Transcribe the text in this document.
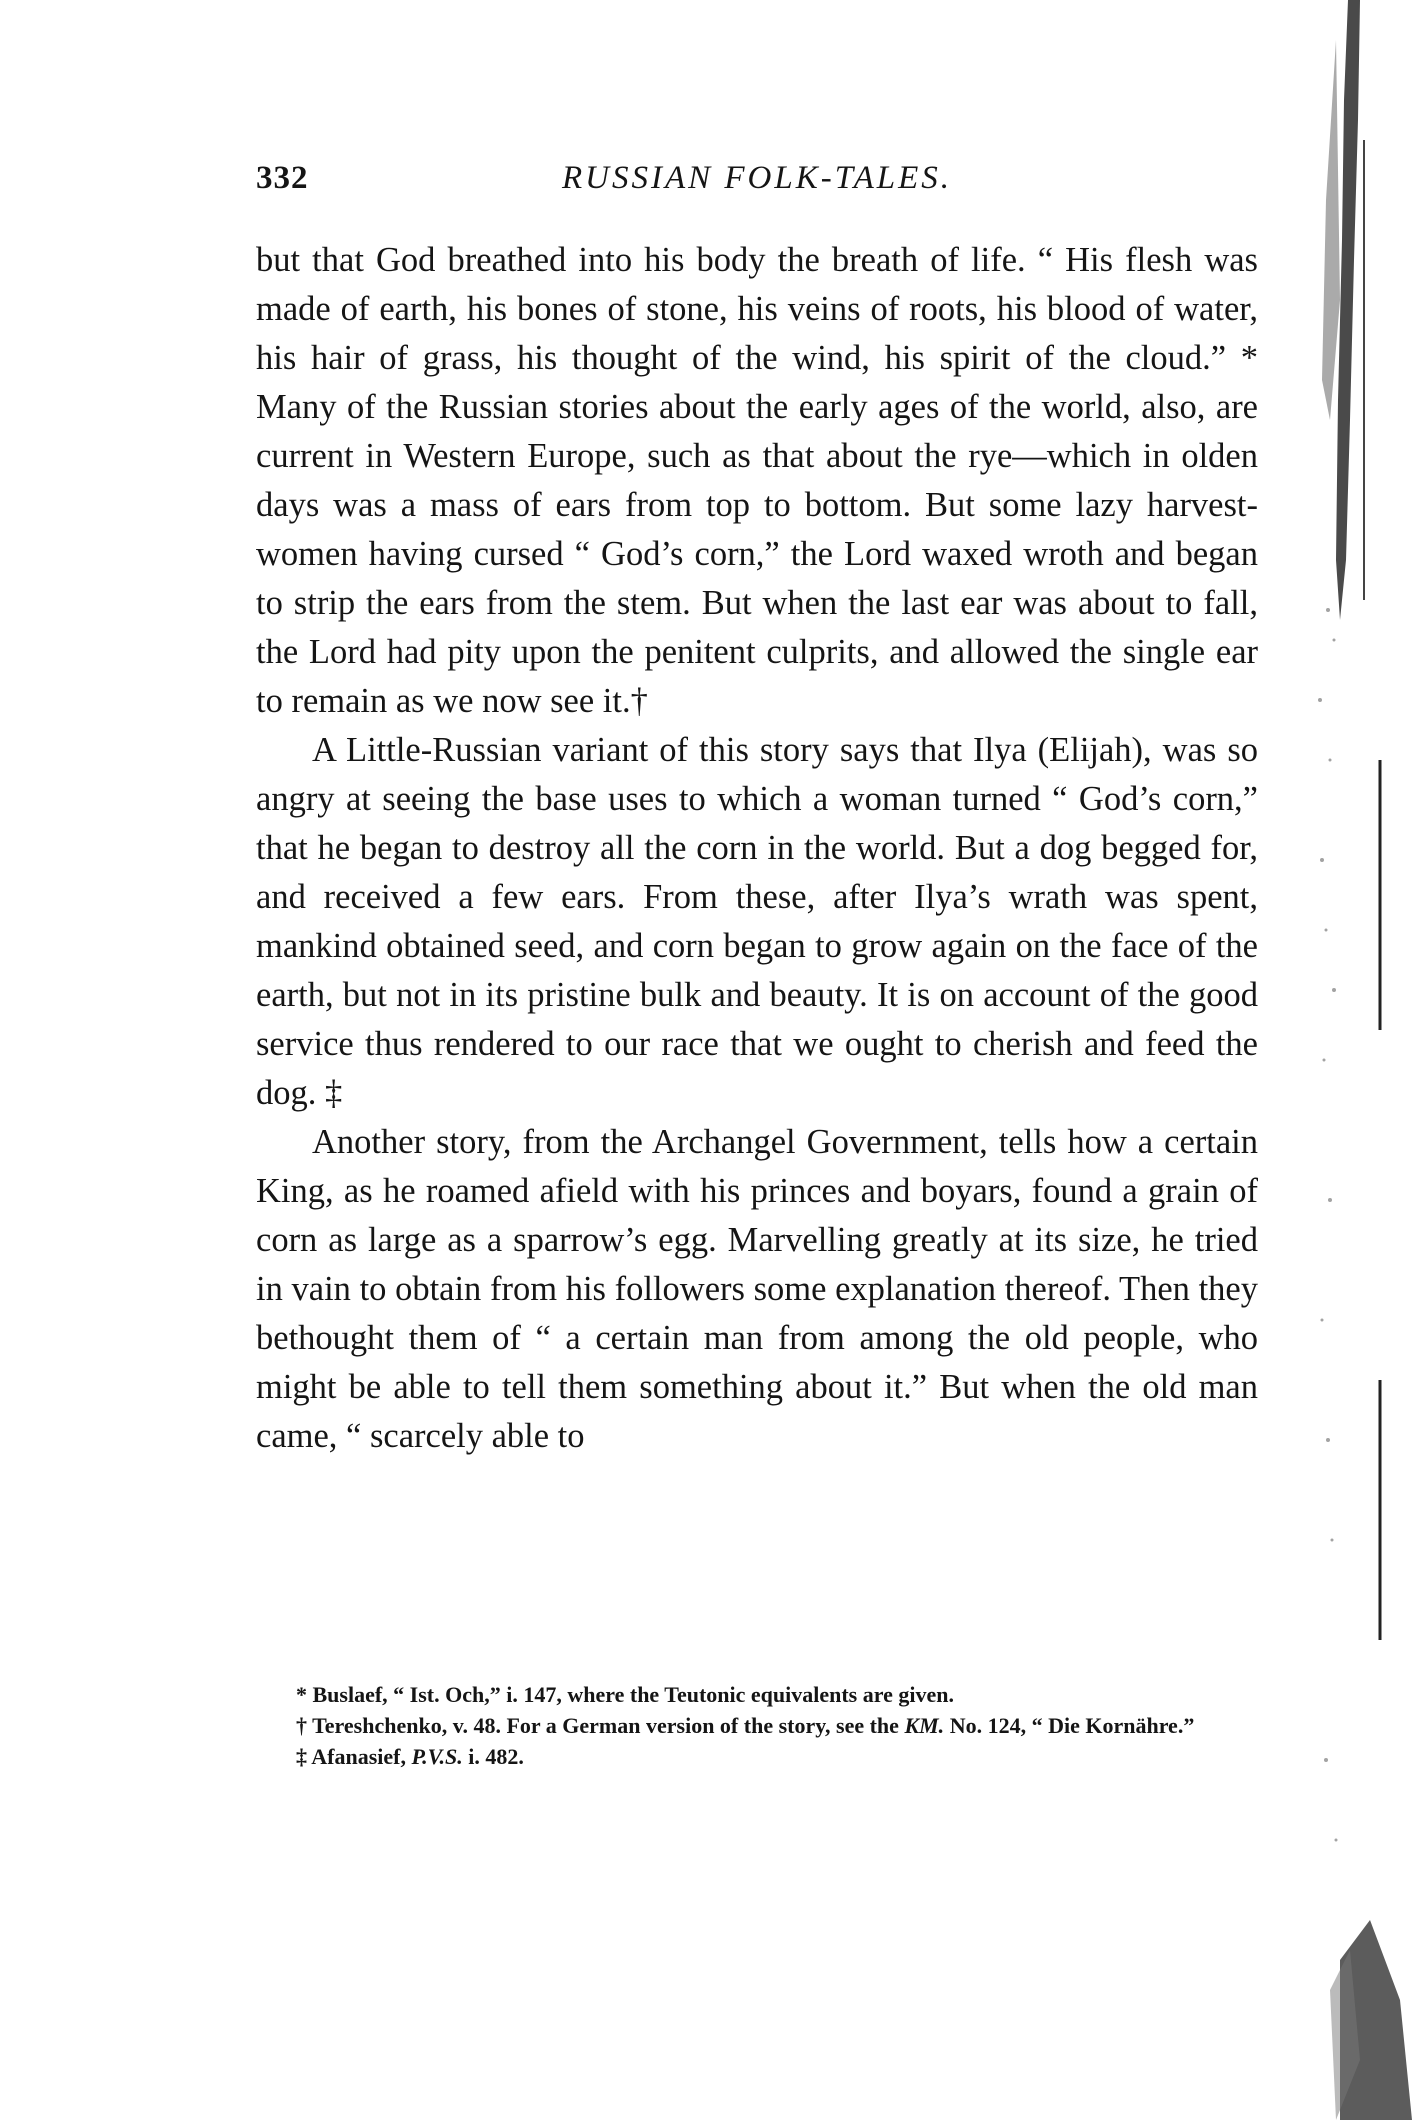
332	RUSSIAN FOLK-TALES.

but that God breathed into his body the breath of life. “ His flesh was made of earth, his bones of stone, his veins of roots, his blood of water, his hair of grass, his thought of the wind, his spirit of the cloud.” * Many of the Russian stories about the early ages of the world, also, are current in Western Europe, such as that about the rye—which in olden days was a mass of ears from top to bottom. But some lazy harvest-women having cursed “ God’s corn,” the Lord waxed wroth and began to strip the ears from the stem. But when the last ear was about to fall, the Lord had pity upon the penitent culprits, and allowed the single ear to remain as we now see it.†

A Little-Russian variant of this story says that Ilya (Elijah), was so angry at seeing the base uses to which a woman turned “ God’s corn,” that he began to destroy all the corn in the world. But a dog begged for, and received a few ears. From these, after Ilya’s wrath was spent, mankind obtained seed, and corn began to grow again on the face of the earth, but not in its pristine bulk and beauty. It is on account of the good service thus rendered to our race that we ought to cherish and feed the dog. ‡

Another story, from the Archangel Government, tells how a certain King, as he roamed afield with his princes and boyars, found a grain of corn as large as a sparrow’s egg. Marvelling greatly at its size, he tried in vain to obtain from his followers some explanation thereof. Then they bethought them of “ a certain man from among the old people, who might be able to tell them something about it.” But when the old man came, “ scarcely able to

* Buslaef, “ Ist. Och,” i. 147, where the Teutonic equivalents are given.

† Tereshchenko, v. 48. For a German version of the story, see the KM. No. 124, “ Die Kornähre.”

‡ Afanasief, P.V.S. i. 482.
